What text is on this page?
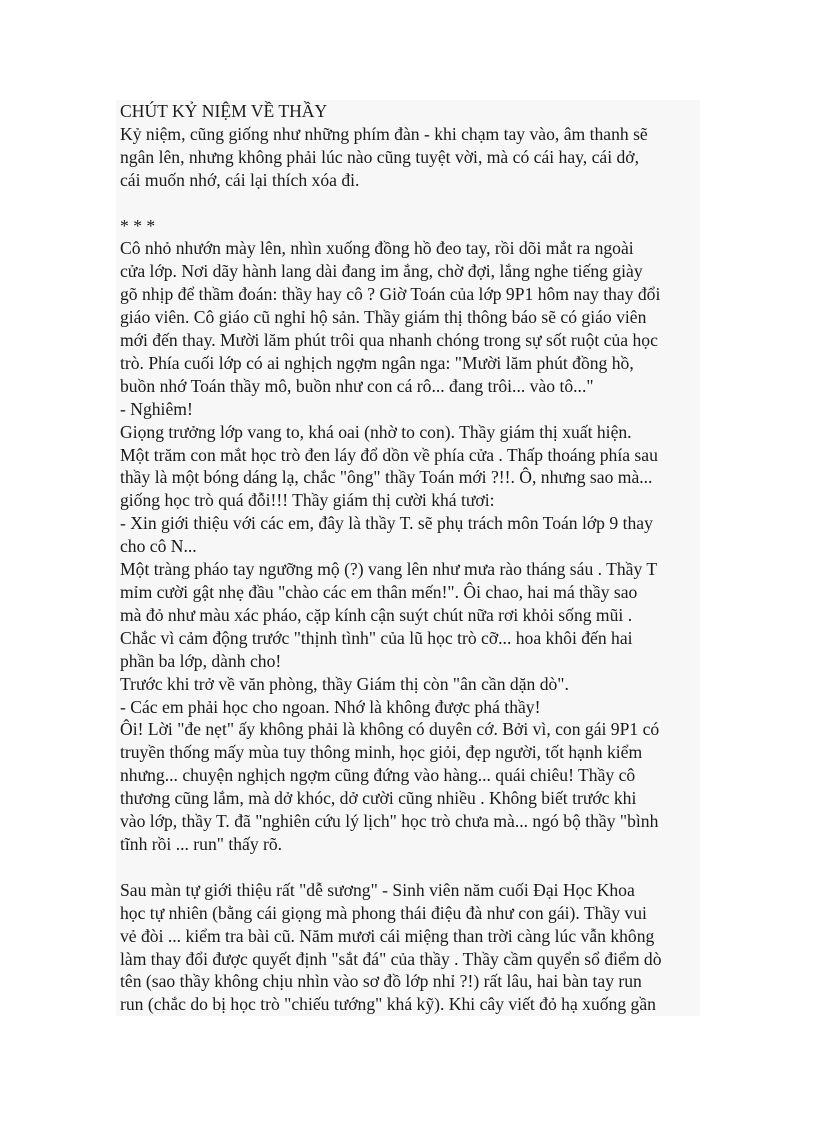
CHÚT KỶ NIỆM VỀ THẦY

Kỷ niệm, cũng giống như những phím đàn - khi chạm tay vào, âm thanh sẽ

ngân lên, nhưng không phải lúc nào cũng tuyệt vời, mà có cái hay, cái dở,

cái muốn nhớ, cái lại thích xóa đi.

* * *

Cô nhỏ nhướn mày lên, nhìn xuống đồng hồ đeo tay, rồi dõi mắt ra ngoài

cửa lớp. Nơi dãy hành lang dài đang im ắng, chờ đợi, lắng nghe tiếng giày

gõ nhịp để thầm đoán: thầy hay cô ? Giờ Toán của lớp 9P1 hôm nay thay đổi

giáo viên. Cô giáo cũ nghỉ hộ sản. Thầy giám thị thông báo sẽ có giáo viên

mới đến thay. Mười lăm phút trôi qua nhanh chóng trong sự sốt ruột của học

trò. Phía cuối lớp có ai nghịch ngợm ngân nga: "Mười lăm phút đồng hồ,

buồn nhớ Toán thầy mô, buồn như con cá rô... đang trôi... vào tô..."

- Nghiêm!

Giọng trưởng lớp vang to, khá oai (nhờ to con). Thầy giám thị xuất hiện.

Một trăm con mắt học trò đen láy đổ dồn về phía cửa . Thấp thoáng phía sau

thầy là một bóng dáng lạ, chắc "ông" thầy Toán mới ?!!. Ô, nhưng sao mà...

giống học trò quá đỗi!!! Thầy giám thị cười khá tươi:

- Xin giới thiệu với các em, đây là thầy T. sẽ phụ trách môn Toán lớp 9 thay

cho cô N...

Một tràng pháo tay ngưỡng mộ (?) vang lên như mưa rào tháng sáu . Thầy T

mỉm cười gật nhẹ đầu "chào các em thân mến!". Ôi chao, hai má thầy sao

mà đỏ như màu xác pháo, cặp kính cận suýt chút nữa rơi khỏi sống mũi .

Chắc vì cảm động trước "thịnh tình" của lũ học trò cỡ... hoa khôi đến hai

phần ba lớp, dành cho!

Trước khi trở về văn phòng, thầy Giám thị còn "ân cần dặn dò".

- Các em phải học cho ngoan. Nhớ là không được phá thầy!

Ôi! Lời "đe nẹt" ấy không phải là không có duyên cớ. Bởi vì, con gái 9P1 có

truyền thống mấy mùa tuy thông minh, học giỏi, đẹp người, tốt hạnh kiểm

nhưng... chuyện nghịch ngợm cũng đứng vào hàng... quái chiêu! Thầy cô

thương cũng lắm, mà dở khóc, dở cười cũng nhiều . Không biết trước khi

vào lớp, thầy T. đã "nghiên cứu lý lịch" học trò chưa mà... ngó bộ thầy "bình

tĩnh rồi ... run" thấy rõ.

Sau màn tự giới thiệu rất "dễ sương" - Sinh viên năm cuối Đại Học Khoa

học tự nhiên (bằng cái giọng mà phong thái điệu đà như con gái). Thầy vui

vẻ đòi ... kiểm tra bài cũ. Năm mươi cái miệng than trời càng lúc vẫn không

làm thay đổi được quyết định "sắt đá" của thầy . Thầy cầm quyển sổ điểm dò

tên (sao thầy không chịu nhìn vào sơ đồ lớp nhỉ ?!) rất lâu, hai bàn tay run

run (chắc do bị học trò "chiếu tướng" khá kỹ). Khi cây viết đỏ hạ xuống gần
